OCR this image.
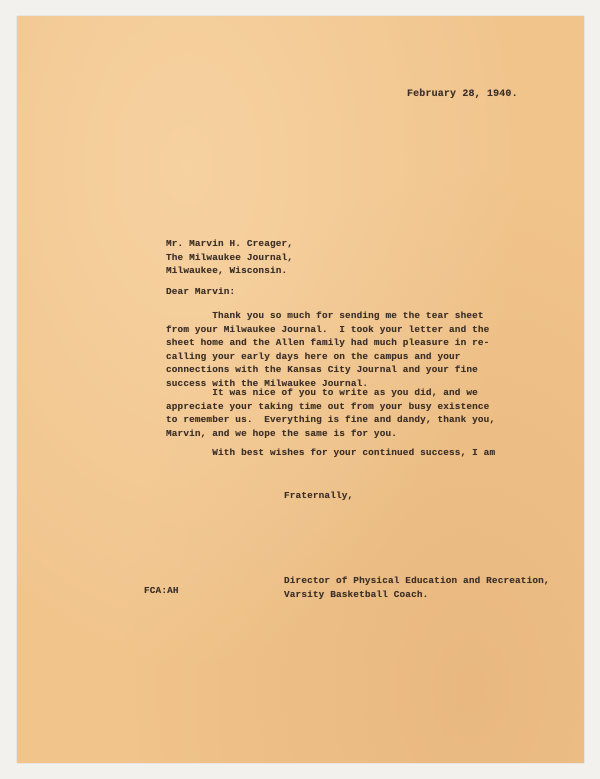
February 28, 1940.
Mr. Marvin H. Creager,
The Milwaukee Journal,
Milwaukee, Wisconsin.
Dear Marvin:
Thank you so much for sending me the tear sheet
from your Milwaukee Journal.  I took your letter and the
sheet home and the Allen family had much pleasure in re-
calling your early days here on the campus and your
connections with the Kansas City Journal and your fine
success with the Milwaukee Journal.
It was nice of you to write as you did, and we
appreciate your taking time out from your busy existence
to remember us.  Everything is fine and dandy, thank you,
Marvin, and we hope the same is for you.
With best wishes for your continued success, I am
Fraternally,
Director of Physical Education and Recreation,
Varsity Basketball Coach.
FCA:AH
